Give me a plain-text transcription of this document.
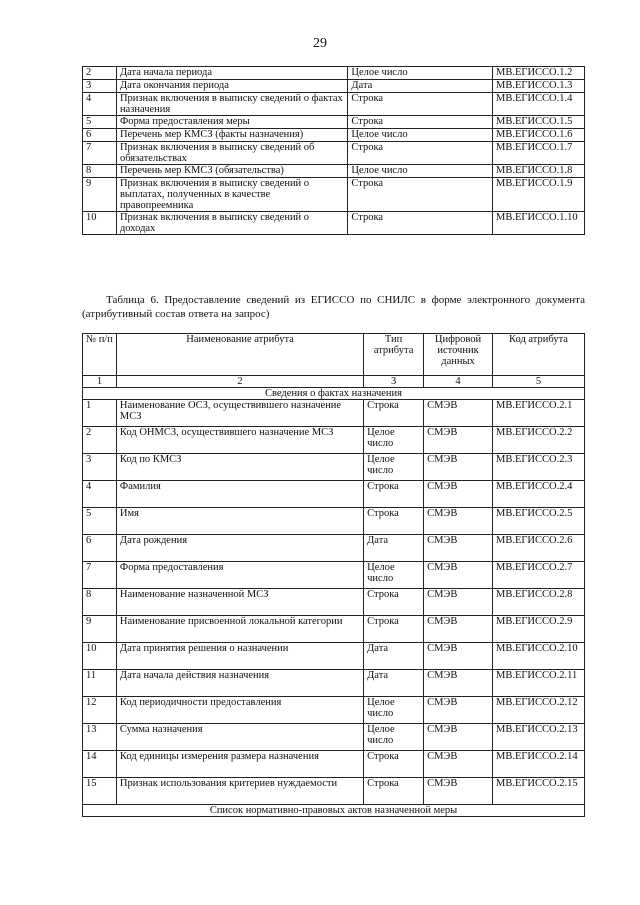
29
2	Дата начала периода	Целое число	МВ.ЕГИССО.1.2
3	Дата окончания периода	Дата	МВ.ЕГИССО.1.3
4	Признак включения в выписку сведений о фактах назначения	Строка	МВ.ЕГИССО.1.4
5	Форма предоставления меры	Строка	МВ.ЕГИССО.1.5
6	Перечень мер КМСЗ (факты назначения)	Целое число	МВ.ЕГИССО.1.6
7	Признак включения в выписку сведений об обязательствах	Строка	МВ.ЕГИССО.1.7
8	Перечень мер КМСЗ (обязательства)	Целое число	МВ.ЕГИССО.1.8
9	Признак включения в выписку сведений о выплатах, полученных в качестве правопреемника	Строка	МВ.ЕГИССО.1.9
10	Признак включения в выписку сведений о доходах	Строка	МВ.ЕГИССО.1.10
Таблица 6. Предоставление сведений из ЕГИССО по СНИЛС в форме электронного документа (атрибутивный состав ответа на запрос)
№ п/п	Наименование атрибута	Тип атрибута	Цифровой источник данных	Код атрибута
1	2	3	4	5
Сведения о фактах назначения				
1	Наименование ОСЗ, осуществившего назначение МСЗ	Строка	СМЭВ	МВ.ЕГИССО.2.1
2	Код ОНМСЗ, осуществившего назначение МСЗ	Целое число	СМЭВ	МВ.ЕГИССО.2.2
3	Код по КМСЗ	Целое число	СМЭВ	МВ.ЕГИССО.2.3
4	Фамилия	Строка	СМЭВ	МВ.ЕГИССО.2.4
5	Имя	Строка	СМЭВ	МВ.ЕГИССО.2.5
6	Дата рождения	Дата	СМЭВ	МВ.ЕГИССО.2.6
7	Форма предоставления	Целое число	СМЭВ	МВ.ЕГИССО.2.7
8	Наименование назначенной МСЗ	Строка	СМЭВ	МВ.ЕГИССО.2.8
9	Наименование присвоенной локальной категории	Строка	СМЭВ	МВ.ЕГИССО.2.9
10	Дата принятия решения о назначении	Дата	СМЭВ	МВ.ЕГИССО.2.10
11	Дата начала действия назначения	Дата	СМЭВ	МВ.ЕГИССО.2.11
12	Код периодичности предоставления	Целое число	СМЭВ	МВ.ЕГИССО.2.12
13	Сумма назначения	Целое число	СМЭВ	МВ.ЕГИССО.2.13
14	Код единицы измерения размера назначения	Строка	СМЭВ	МВ.ЕГИССО.2.14
15	Признак использования критериев нуждаемости	Строка	СМЭВ	МВ.ЕГИССО.2.15
Список нормативно-правовых актов назначенной меры				
